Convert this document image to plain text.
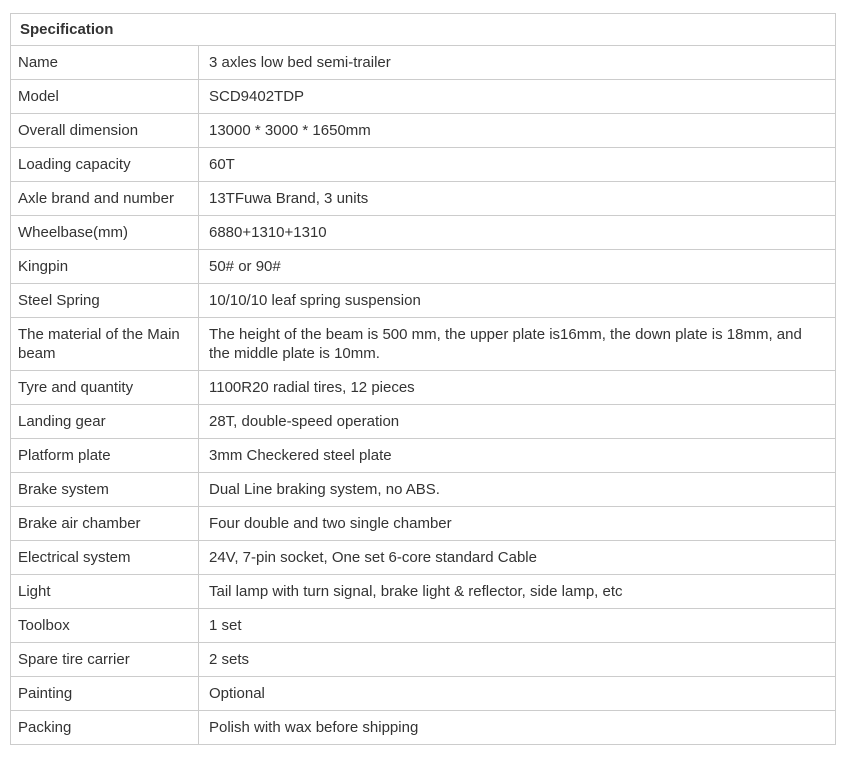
Specification	
Name	3 axles low bed semi-trailer
Model	SCD9402TDP
Overall dimension	13000 * 3000 * 1650mm
Loading capacity	60T
Axle brand and number	13TFuwa Brand, 3 units
Wheelbase(mm)	6880+1310+1310
Kingpin	50# or 90#
Steel Spring	10/10/10 leaf spring suspension
The material of the Main beam	The height of the beam is 500 mm, the upper plate is16mm, the down plate is 18mm, and the middle plate is 10mm.
Tyre and quantity	1100R20 radial tires, 12 pieces
Landing gear	28T, double-speed operation
Platform plate	3mm Checkered steel plate
Brake system	Dual Line braking system, no ABS.
Brake air chamber	Four double and two single chamber
Electrical system	24V, 7-pin socket, One set 6-core standard Cable
Light	Tail lamp with turn signal, brake light & reflector, side lamp, etc
Toolbox	1 set
Spare tire carrier	2 sets
Painting	Optional
Packing	Polish with wax before shipping
